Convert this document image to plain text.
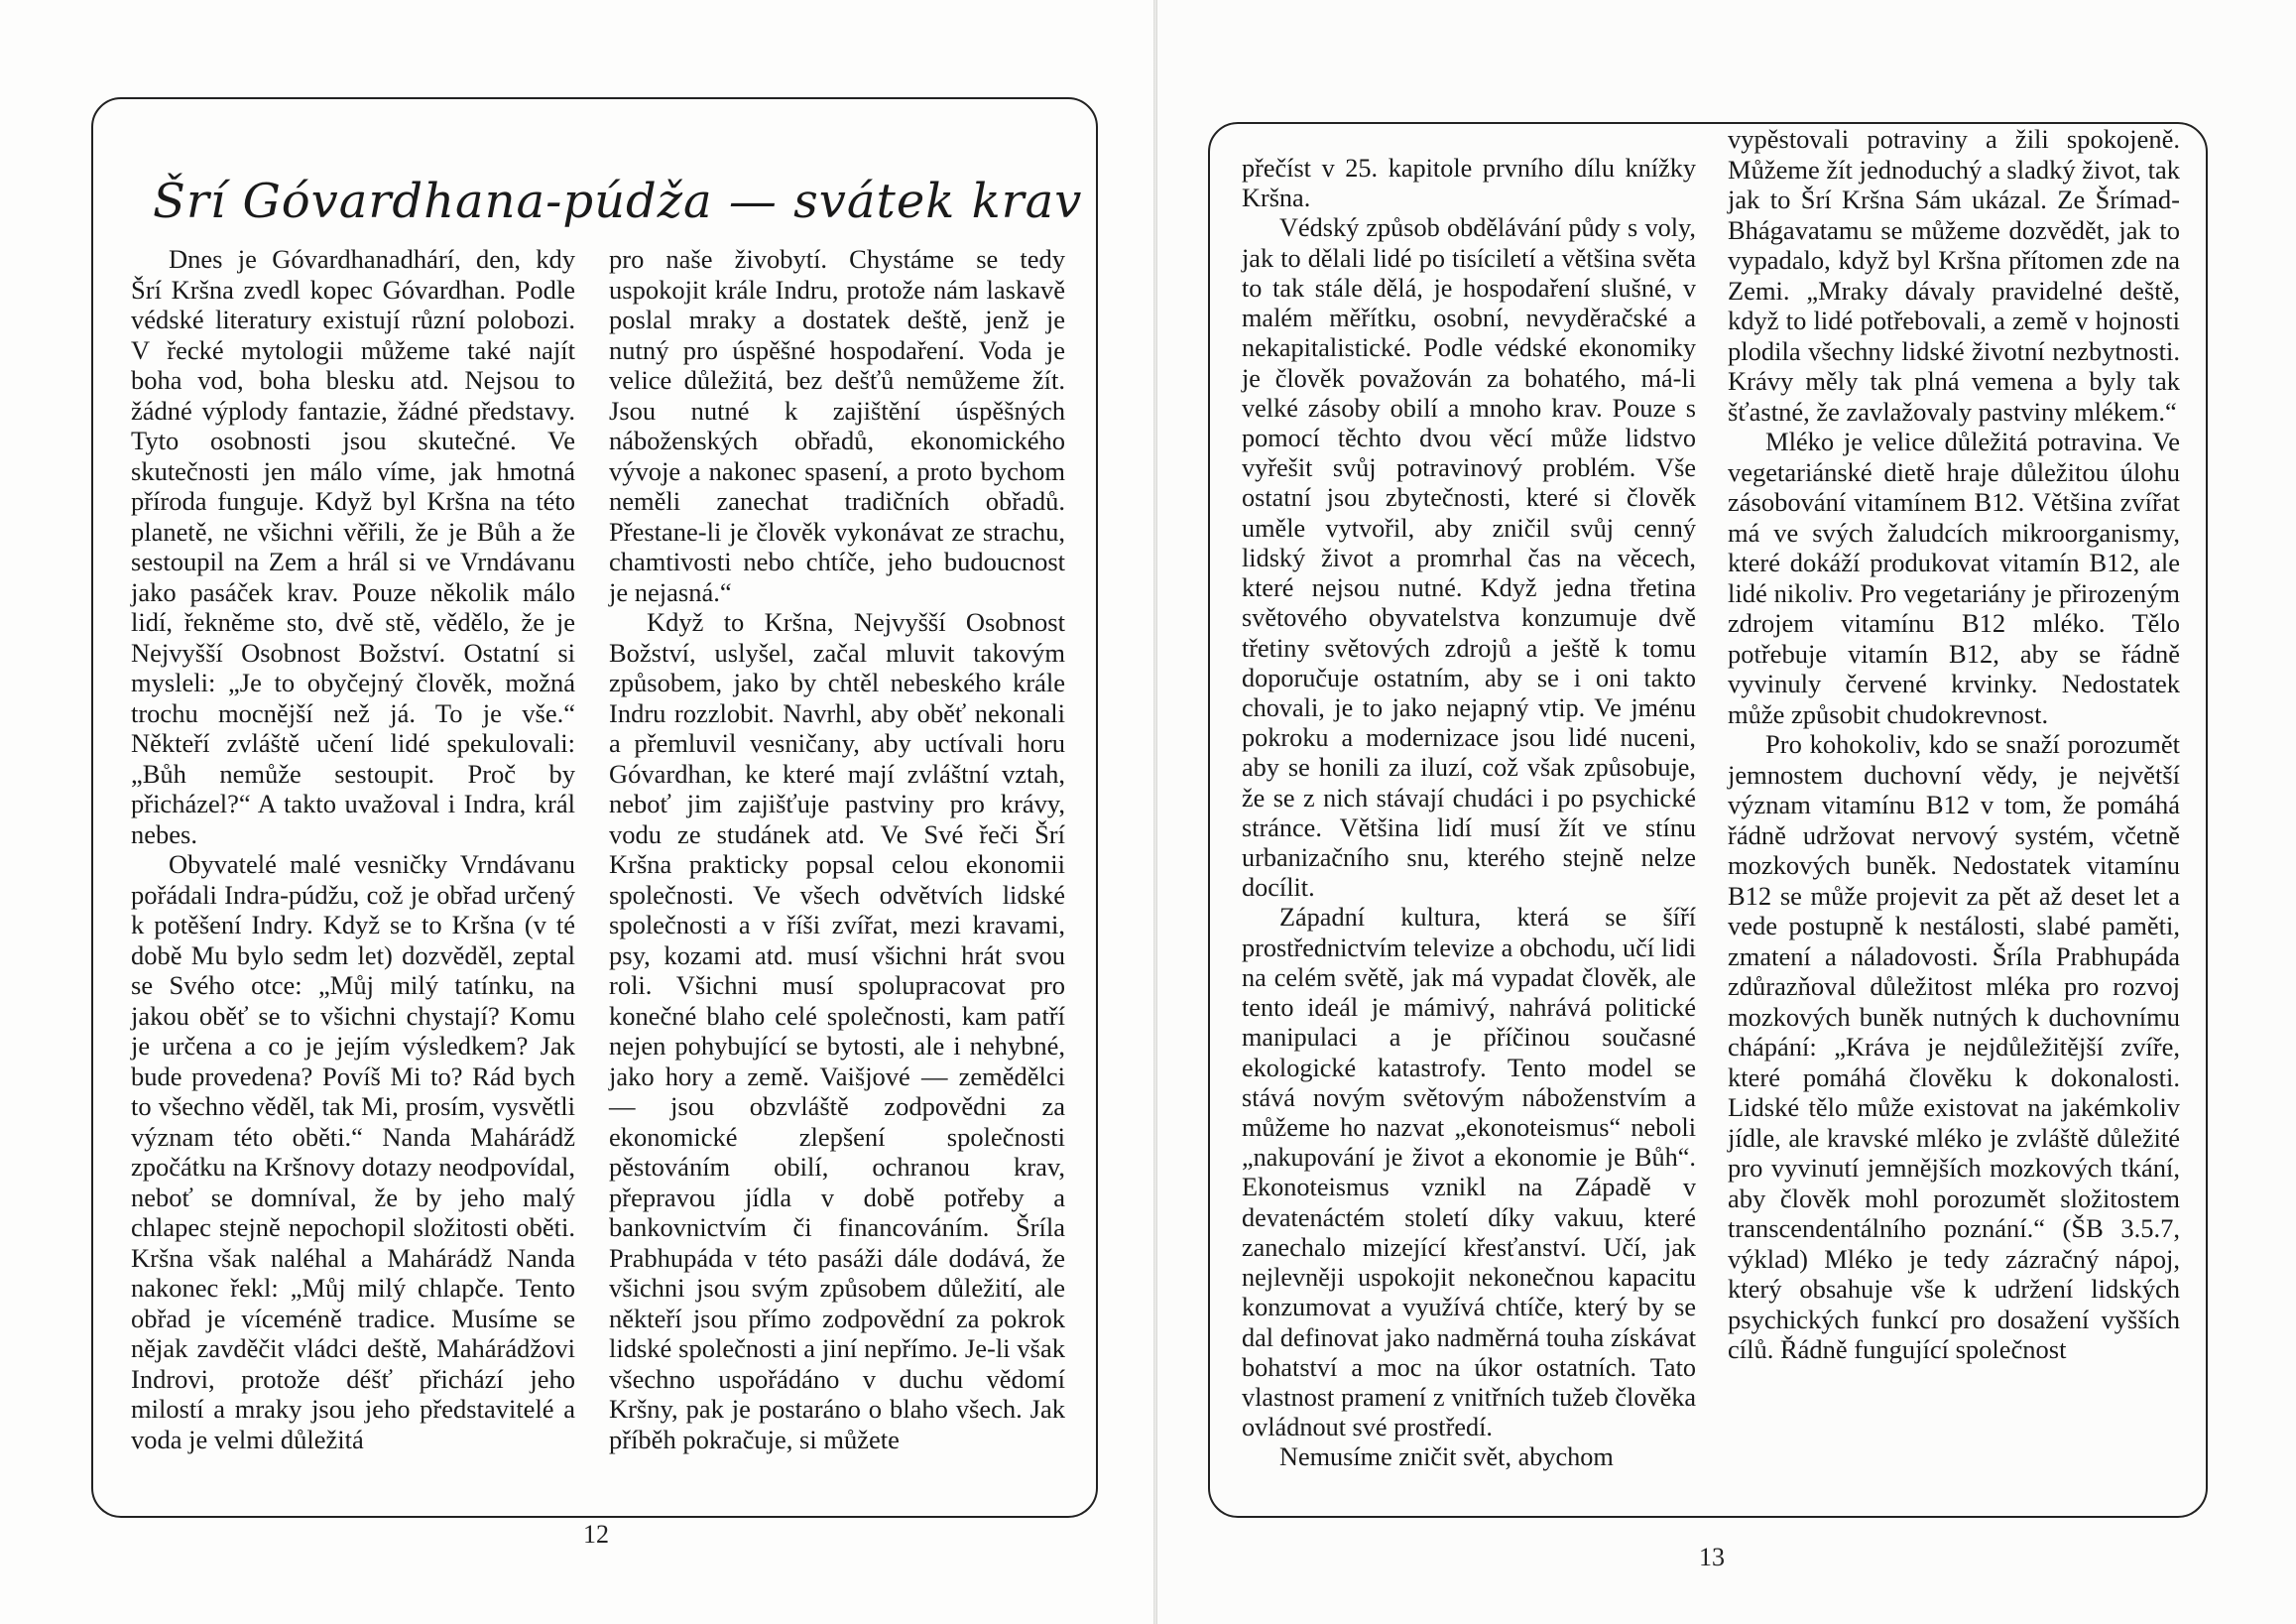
Šrí Góvardhana-púdža — svátek krav

Dnes je Góvardhanadhárí, den, kdy Šrí Kršna zvedl kopec Góvardhan. Podle védské literatury existují různí polobozi. V řecké mytologii můžeme také najít boha vod, boha blesku atd. Nejsou to žádné výplody fantazie, žádné představy. Tyto osobnosti jsou skutečné. Ve skutečnosti jen málo víme, jak hmotná příroda funguje. Když byl Kršna na této planetě, ne všichni věřili, že je Bůh a že sestoupil na Zem a hrál si ve Vrndávanu jako pasáček krav. Pouze několik málo lidí, řekněme sto, dvě stě, vědělo, že je Nejvyšší Osobnost Božství. Ostatní si mysleli: „Je to obyčejný člověk, možná trochu mocnější než já. To je vše.“ Někteří zvláště učení lidé spekulovali: „Bůh nemůže sestoupit. Proč by přicházel?“ A takto uvažoval i Indra, král nebes.

Obyvatelé malé vesničky Vrndávanu pořádali Indra-púdžu, což je obřad určený k potěšení Indry. Když se to Kršna (v té době Mu bylo sedm let) dozvěděl, zeptal se Svého otce: „Můj milý tatínku, na jakou oběť se to všichni chystají? Komu je určena a co je jejím výsledkem? Jak bude provedena? Povíš Mi to? Rád bych to všechno věděl, tak Mi, prosím, vysvětli význam této oběti.“ Nanda Mahárádž zpočátku na Kršnovy dotazy neodpovídal, neboť se domníval, že by jeho malý chlapec stejně nepochopil složitosti oběti. Kršna však naléhal a Mahárádž Nanda nakonec řekl: „Můj milý chlapče. Tento obřad je víceméně tradice. Musíme se nějak zavděčit vládci deště, Mahárádžovi Indrovi, protože déšť přichází jeho milostí a mraky jsou jeho představitelé a voda je velmi důležitá

pro naše živobytí. Chystáme se tedy uspokojit krále Indru, protože nám laskavě poslal mraky a dostatek deště, jenž je nutný pro úspěšné hospodaření. Voda je velice důležitá, bez dešťů nemůžeme žít. Jsou nutné k zajištění úspěšných náboženských obřadů, ekonomického vývoje a nakonec spasení, a proto bychom neměli zanechat tradičních obřadů. Přestane-li je člověk vykonávat ze strachu, chamtivosti nebo chtíče, jeho budoucnost je nejasná.“

Když to Kršna, Nejvyšší Osobnost Božství, uslyšel, začal mluvit takovým způsobem, jako by chtěl nebeského krále Indru rozzlobit. Navrhl, aby oběť nekonali a přemluvil vesničany, aby uctívali horu Góvardhan, ke které mají zvláštní vztah, neboť jim zajišťuje pastviny pro krávy, vodu ze studánek atd. Ve Své řeči Šrí Kršna prakticky popsal celou ekonomii společnosti. Ve všech odvětvích lidské společnosti a v říši zvířat, mezi kravami, psy, kozami atd. musí všichni hrát svou roli. Všichni musí spolupracovat pro konečné blaho celé společnosti, kam patří nejen pohybující se bytosti, ale i nehybné, jako hory a země. Vaišjové — zemědělci — jsou obzvláště zodpovědni za ekonomické zlepšení společnosti pěstováním obilí, ochranou krav, přepravou jídla v době potřeby a bankovnictvím či financováním. Šríla Prabhupáda v této pasáži dále dodává, že všichni jsou svým způsobem důležití, ale někteří jsou přímo zodpovědní za pokrok lidské společnosti a jiní nepřímo. Je-li však všechno uspořádáno v duchu vědomí Kršny, pak je postaráno o blaho všech. Jak příběh pokračuje, si můžete

12

přečíst v 25. kapitole prvního dílu knížky Kršna.

Védský způsob obdělávání půdy s voly, jak to dělali lidé po tisíciletí a většina světa to tak stále dělá, je hospodaření slušné, v malém měřítku, osobní, nevyděračské a nekapitalistické. Podle védské ekonomiky je člověk považován za bohatého, má-li velké zásoby obilí a mnoho krav. Pouze s pomocí těchto dvou věcí může lidstvo vyřešit svůj potravinový problém. Vše ostatní jsou zbytečnosti, které si člověk uměle vytvořil, aby zničil svůj cenný lidský život a promrhal čas na věcech, které nejsou nutné. Když jedna třetina světového obyvatelstva konzumuje dvě třetiny světových zdrojů a ještě k tomu doporučuje ostatním, aby se i oni takto chovali, je to jako nejapný vtip. Ve jménu pokroku a modernizace jsou lidé nuceni, aby se honili za iluzí, což však způsobuje, že se z nich stávají chudáci i po psychické stránce. Většina lidí musí žít ve stínu urbanizačního snu, kterého stejně nelze docílit.

Západní kultura, která se šíří prostřednictvím televize a obchodu, učí lidi na celém světě, jak má vypadat člověk, ale tento ideál je mámivý, nahrává politické manipulaci a je příčinou současné ekologické katastrofy. Tento model se stává novým světovým náboženstvím a můžeme ho nazvat „ekonoteismus“ neboli „nakupování je život a ekonomie je Bůh“. Ekonoteismus vznikl na Západě v devatenáctém století díky vakuu, které zanechalo mizející křesťanství. Učí, jak nejlevněji uspokojit nekonečnou kapacitu konzumovat a využívá chtíče, který by se dal definovat jako nadměrná touha získávat bohatství a moc na úkor ostatních. Tato vlastnost pramení z vnitřních tužeb člověka ovládnout své prostředí.

Nemusíme zničit svět, abychom

vypěstovali potraviny a žili spokojeně. Můžeme žít jednoduchý a sladký život, tak jak to Šrí Kršna Sám ukázal. Ze Šrímad-Bhágavatamu se můžeme dozvědět, jak to vypadalo, když byl Kršna přítomen zde na Zemi. „Mraky dávaly pravidelné deště, když to lidé potřebovali, a země v hojnosti plodila všechny lidské životní nezbytnosti. Krávy měly tak plná vemena a byly tak šťastné, že zavlažovaly pastviny mlékem.“

Mléko je velice důležitá potravina. Ve vegetariánské dietě hraje důležitou úlohu zásobování vitamínem B12. Většina zvířat má ve svých žaludcích mikroorganismy, které dokáží produkovat vitamín B12, ale lidé nikoliv. Pro vegetariány je přirozeným zdrojem vitamínu B12 mléko. Tělo potřebuje vitamín B12, aby se řádně vyvinuly červené krvinky. Nedostatek může způsobit chudokrevnost.

Pro kohokoliv, kdo se snaží porozumět jemnostem duchovní vědy, je největší význam vitamínu B12 v tom, že pomáhá řádně udržovat nervový systém, včetně mozkových buněk. Nedostatek vitamínu B12 se může projevit za pět až deset let a vede postupně k nestálosti, slabé paměti, zmatení a náladovosti. Šríla Prabhupáda zdůrazňoval důležitost mléka pro rozvoj mozkových buněk nutných k duchovnímu chápání: „Kráva je nejdůležitější zvíře, které pomáhá člověku k dokonalosti. Lidské tělo může existovat na jakémkoliv jídle, ale kravské mléko je zvláště důležité pro vyvinutí jemnějších mozkových tkání, aby člověk mohl porozumět složitostem transcendentálního poznání.“ (ŠB 3.5.7, výklad) Mléko je tedy zázračný nápoj, který obsahuje vše k udržení lidských psychických funkcí pro dosažení vyšších cílů. Řádně fungující společnost

13
